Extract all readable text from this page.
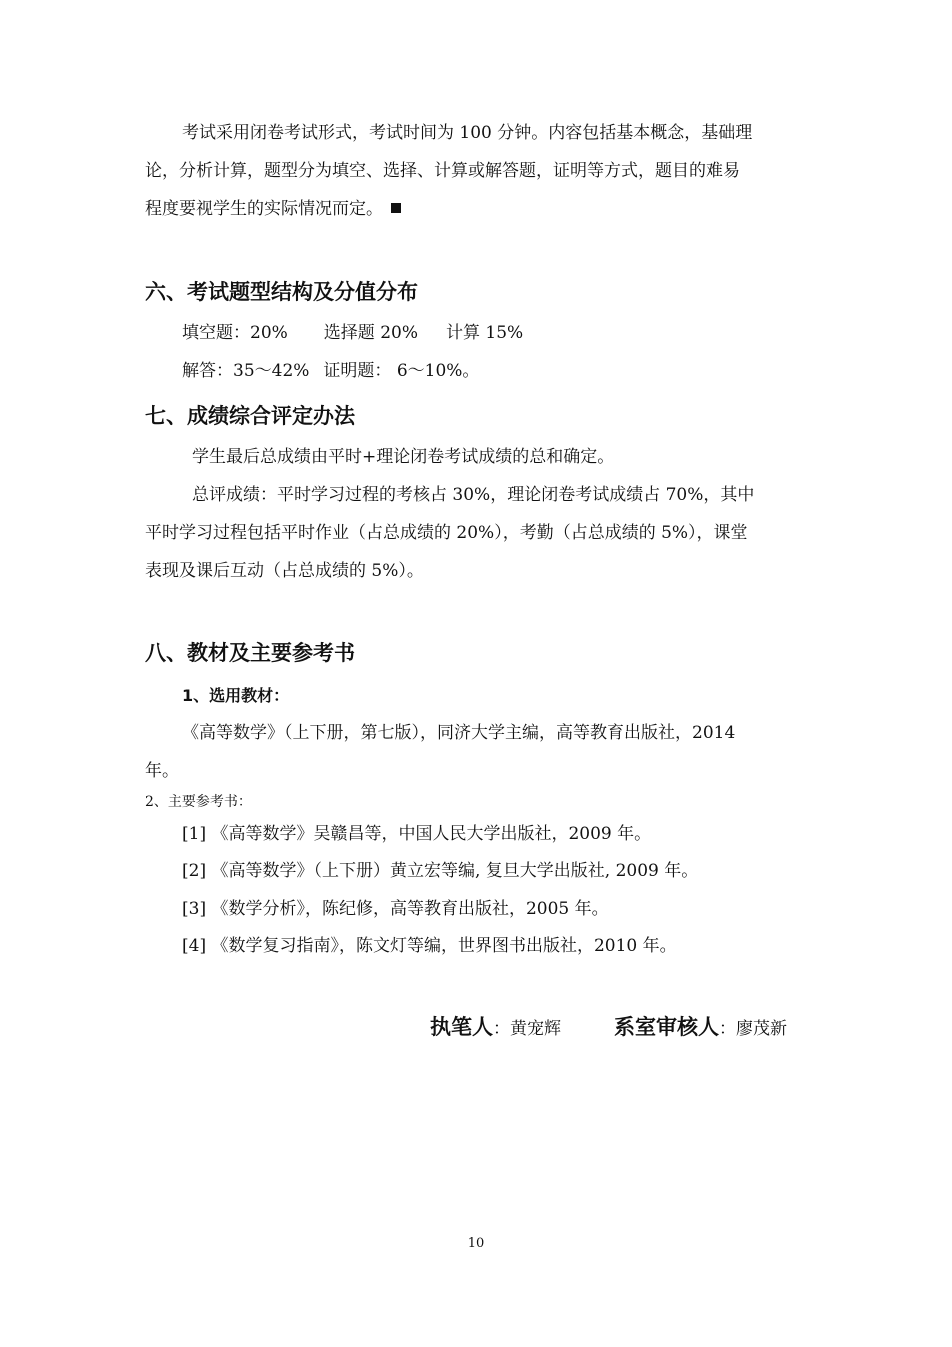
考试采用闭卷考试形式，考试时间为 100 分钟。内容包括基本概念，基础理
论，分析计算，题型分为填空、选择、计算或解答题，证明等方式，题目的难易
程度要视学生的实际情况而定。
六、考试题型结构及分值分布
填空题：20% 选择题 20% 计算 15%
解答：35～42% 证明题： 6～10%。
七、成绩综合评定办法
学生最后总成绩由平时+理论闭卷考试成绩的总和确定。
总评成绩：平时学习过程的考核占 30%，理论闭卷考试成绩占 70%，其中
平时学习过程包括平时作业（占总成绩的 20%），考勤（占总成绩的 5%），课堂
表现及课后互动（占总成绩的 5%）。
八、教材及主要参考书
1、选用教材：
《高等数学》（上下册，第七版），同济大学主编，高等教育出版社，2014
年。
2、主要参考书：
[1] 《高等数学》吴赣昌等，中国人民大学出版社，2009 年。
[2] 《高等数学》（上下册）黄立宏等编, 复旦大学出版社, 2009 年。
[3] 《数学分析》，陈纪修，高等教育出版社，2005 年。
[4] 《数学复习指南》，陈文灯等编，世界图书出版社，2010 年。
执笔人：黄宠辉	系室审核人：廖茂新
10
